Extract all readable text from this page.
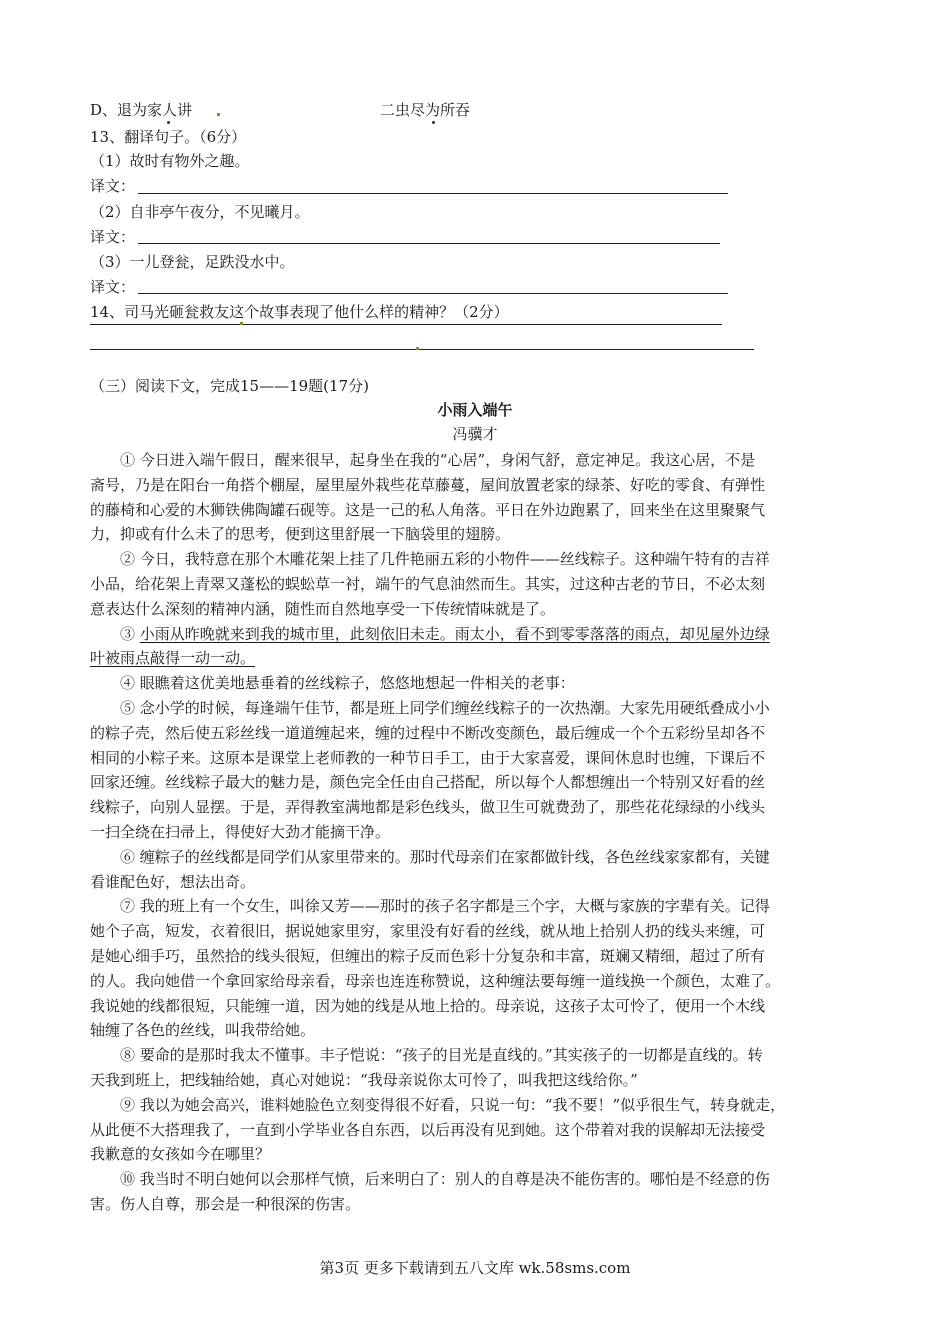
D、退为家人讲	二虫尽为所吞
13、翻译句子。（6分）
（1）故时有物外之趣。
译文：
（2）自非亭午夜分，不见曦月。
译文：
（3）一儿登瓮，足跌没水中。
译文：
14、司马光砸瓮救友这个故事表现了他什么样的精神？（2分）
（三）阅读下文，完成15——19题(17分)
小雨入端午
冯骥才
① 今日进入端午假日，醒来很早，起身坐在我的“心居”，身闲气舒，意定神足。我这心居，不是
斋号，乃是在阳台一角搭个棚屋，屋里屋外栽些花草藤蔓，屋间放置老家的绿茶、好吃的零食、有弹性
的藤椅和心爱的木狮铁佛陶罐石砚等。这是一己的私人角落。平日在外边跑累了，回来坐在这里聚聚气
力，抑或有什么未了的思考，便到这里舒展一下脑袋里的翅膀。
② 今日，我特意在那个木雕花架上挂了几件艳丽五彩的小物件——丝线粽子。这种端午特有的吉祥
小品，给花架上青翠又蓬松的蜈蚣草一衬，端午的气息油然而生。其实，过这种古老的节日，不必太刻
意表达什么深刻的精神内涵，随性而自然地享受一下传统情味就是了。
③ 小雨从昨晚就来到我的城市里，此刻依旧未走。雨太小，看不到零零落落的雨点，却见屋外边绿
叶被雨点敲得一动一动。
④ 眼瞧着这优美地悬垂着的丝线粽子，悠悠地想起一件相关的老事：
⑤ 念小学的时候，每逢端午佳节，都是班上同学们缠丝线粽子的一次热潮。大家先用硬纸叠成小小
的粽子壳，然后使五彩丝线一道道缠起来，缠的过程中不断改变颜色，最后缠成一个个五彩纷呈却各不
相同的小粽子来。这原本是课堂上老师教的一种节日手工，由于大家喜爱，课间休息时也缠，下课后不
回家还缠。丝线粽子最大的魅力是，颜色完全任由自己搭配，所以每个人都想缠出一个特别又好看的丝
线粽子，向别人显摆。于是，弄得教室满地都是彩色线头，做卫生可就费劲了，那些花花绿绿的小线头
一扫全绕在扫帚上，得使好大劲才能摘干净。
⑥ 缠粽子的丝线都是同学们从家里带来的。那时代母亲们在家都做针线，各色丝线家家都有，关键
看谁配色好，想法出奇。
⑦ 我的班上有一个女生，叫徐又芳——那时的孩子名字都是三个字，大概与家族的字辈有关。记得
她个子高，短发，衣着很旧，据说她家里穷，家里没有好看的丝线，就从地上拾别人扔的线头来缠，可
是她心细手巧，虽然拾的线头很短，但缠出的粽子反而色彩十分复杂和丰富，斑斓又精细，超过了所有
的人。我向她借一个拿回家给母亲看，母亲也连连称赞说，这种缠法要每缠一道线换一个颜色，太难了。
我说她的线都很短，只能缠一道，因为她的线是从地上拾的。母亲说，这孩子太可怜了，便用一个木线
轴缠了各色的丝线，叫我带给她。
⑧ 要命的是那时我太不懂事。丰子恺说：“孩子的目光是直线的。”其实孩子的一切都是直线的。转
天我到班上，把线轴给她，真心对她说：“我母亲说你太可怜了，叫我把这线给你。”
⑨ 我以为她会高兴，谁料她脸色立刻变得很不好看，只说一句：“我不要！”似乎很生气，转身就走，
从此便不大搭理我了，一直到小学毕业各自东西，以后再没有见到她。这个带着对我的误解却无法接受
我歉意的女孩如今在哪里？
⑩ 我当时不明白她何以会那样气愤，后来明白了：别人的自尊是决不能伤害的。哪怕是不经意的伤
害。伤人自尊，那会是一种很深的伤害。
第3页 更多下载请到五八文库 wk.58sms.com
